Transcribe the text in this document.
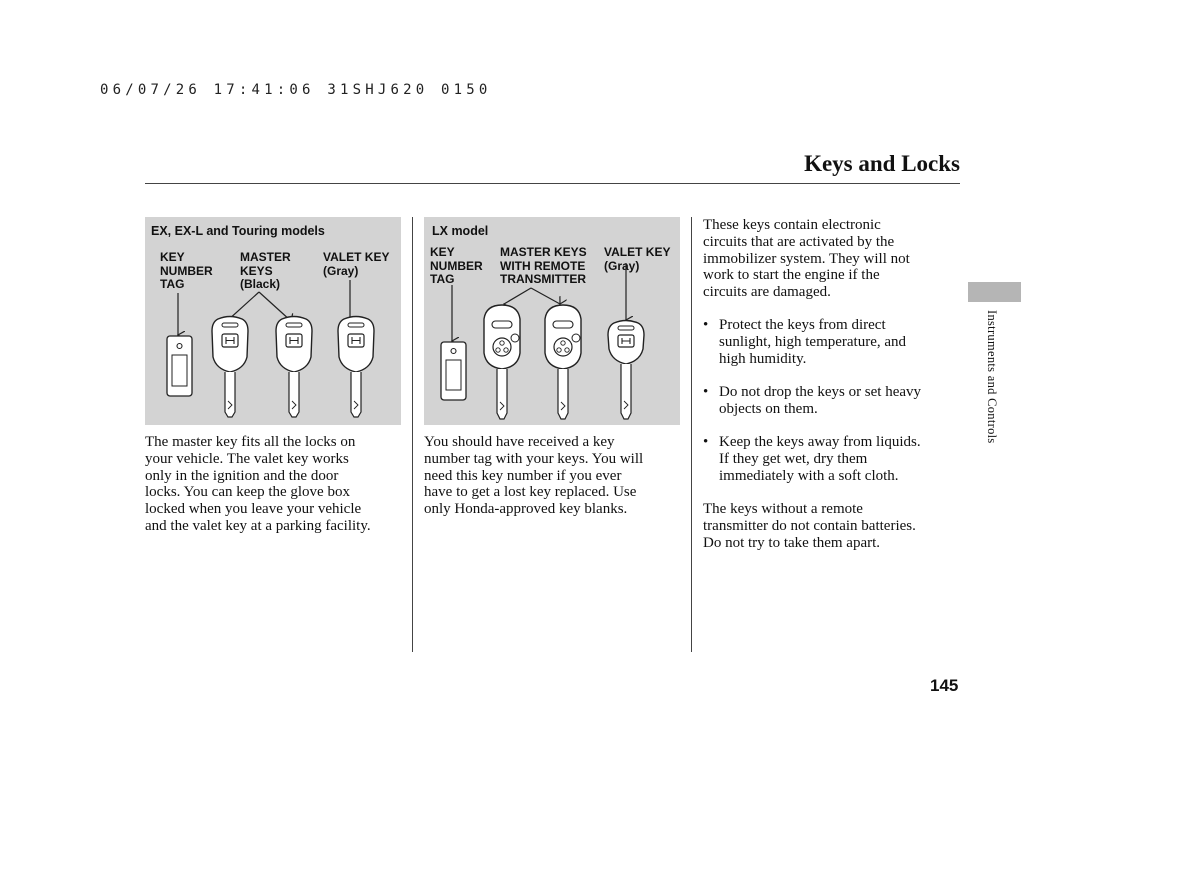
06/07/26 17:41:06 31SHJ620 0150
Keys and Locks
Instruments and Controls
145
EX, EX-L and Touring models
KEY
NUMBER
TAG
MASTER
KEYS
(Black)
VALET KEY
(Gray)
LX model
KEY
NUMBER
TAG
MASTER KEYS
WITH REMOTE
TRANSMITTER
VALET KEY
(Gray)
The master key fits all the locks on
your vehicle. The valet key works
only in the ignition and the door
locks. You can keep the glove box
locked when you leave your vehicle
and the valet key at a parking facility.
You should have received a key
number tag with your keys. You will
need this key number if you ever
have to get a lost key replaced. Use
only Honda-approved key blanks.
These keys contain electronic
circuits that are activated by the
immobilizer system. They will not
work to start the engine if the
circuits are damaged.
• Protect the keys from direct
sunlight, high temperature, and
high humidity.
• Do not drop the keys or set heavy
objects on them.
• Keep the keys away from liquids.
If they get wet, dry them
immediately with a soft cloth.
The keys without a remote
transmitter do not contain batteries.
Do not try to take them apart.
